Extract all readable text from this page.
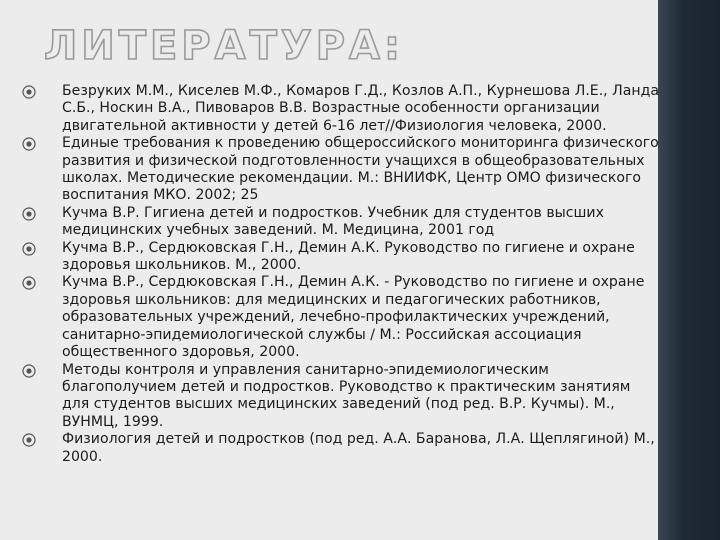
ЛИТЕРАТУРА:
Безруких М.М., Киселев М.Ф., Комаров Г.Д., Козлов А.П., Курнешова Л.Е., Ланда С.Б., Носкин В.А., Пивоваров В.В. Возрастные особенности организации двигательной активности у детей 6-16 лет//Физиология человека, 2000.
Единые требования к проведению общероссийского мониторинга физического развития и физической подготовленности учащихся в общеобразовательных школах. Методические рекомендации. М.: ВНИИФК, Центр ОМО физического воспитания МКО. 2002; 25
Кучма В.Р. Гигиена детей и подростков. Учебник для студентов высших медицинских учебных заведений. М. Медицина, 2001 год
Кучма В.Р., Сердюковская Г.Н., Демин А.К. Руководство по гигиене и охране здоровья школьников. М., 2000.
Кучма В.Р., Сердюковская Г.Н., Демин А.К. - Руководство по гигиене и охране здоровья школьников: для медицинских и педагогических работников, образовательных учреждений, лечебно-профилактических учреждений, санитарно-эпидемиологической службы / М.: Российская ассоциация общественного здоровья, 2000.
Методы контроля и управления санитарно-эпидемиологическим благополучием детей и подростков. Руководство к практическим занятиям для студентов высших медицинских заведений (под ред. В.Р. Кучмы). М., ВУНМЦ, 1999.
Физиология детей и подростков (под ред. А.А. Баранова, Л.А. Щеплягиной) М., 2000.
